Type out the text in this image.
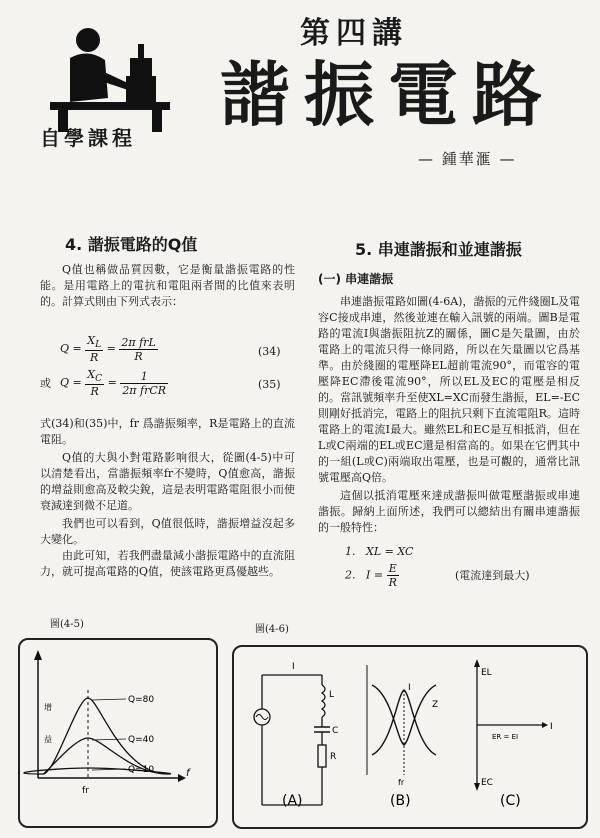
自學課程
第四講
諧振電路
— 鍾華滙 —
4. 諧振電路的Q值
Q值也稱做品質因數，它是衡量諧振電路的性能。是用電路上的電抗和電阻兩者間的比值來表明的。計算式則由下列式表示：
$Q = \frac{X_L}{R} = \frac{\text{2π frL}}{R}$	(34)
或 $Q = \frac{X_C}{R} = \frac{1}{\text{2π frCR}}$	(35)
式(34)和(35)中，fr 爲諧振頻率，R是電路上的直流電阻。
Q值的大與小對電路影响很大，從圖(4-5)中可以清楚看出，當諧振頻率fr不變時，Q值愈高，諧振的增益則愈高及較尖銳，這是表明電路電阻很小而使衰減達到微不足道。
我們也可以看到，Q值很低時，諧振增益沒起多大變化。
由此可知，若我們盡量減小諧振電路中的直流阻力，就可提高電路的Q值，使該電路更爲優越些。
5. 串連諧振和並連諧振
(一) 串連諧振
串連諧振電路如圖(4-6A)，諧振的元件綫圈L及電容C接成串連，然後並連在輸入訊號的兩端。圖B是電路的電流I與諧振阻抗Z的關係，圖C是矢量圖，由於電路上的電流只得一條同路，所以在矢量圖以它爲基準。由於綫圈的電壓降EL超前電流90°，而電容的電壓降EC滯後電流90°，所以EL及EC的電壓是相反的。當訊號頻率升至使XL=XC而發生諧振，EL=-EC則剛好抵消完，電路上的阻抗只剩下直流電阻R。這時電路上的電流I最大。雖然EL和EC是互相抵消，但在L或C兩端的EL或EC還是相當高的。如果在它們其中的一組(L或C)兩端取出電壓，也是可觀的，通常比訊號電壓高Q倍。
這個以抵消電壓來達成諧振叫做電壓諧振或串連諧振。歸納上面所述，我們可以總結出有關串連諧振的一般特性：
1. XL = XC
2. $I = \frac{E}{R}$	(電流達到最大)
圖(4-5)	圖(4-6)
增
益
f
fr
Q=80
Q=40
Q=10
I
L
C
R
I
Z
fr
EL
EC
I
ER = EI
(A)	(B)	(C)
